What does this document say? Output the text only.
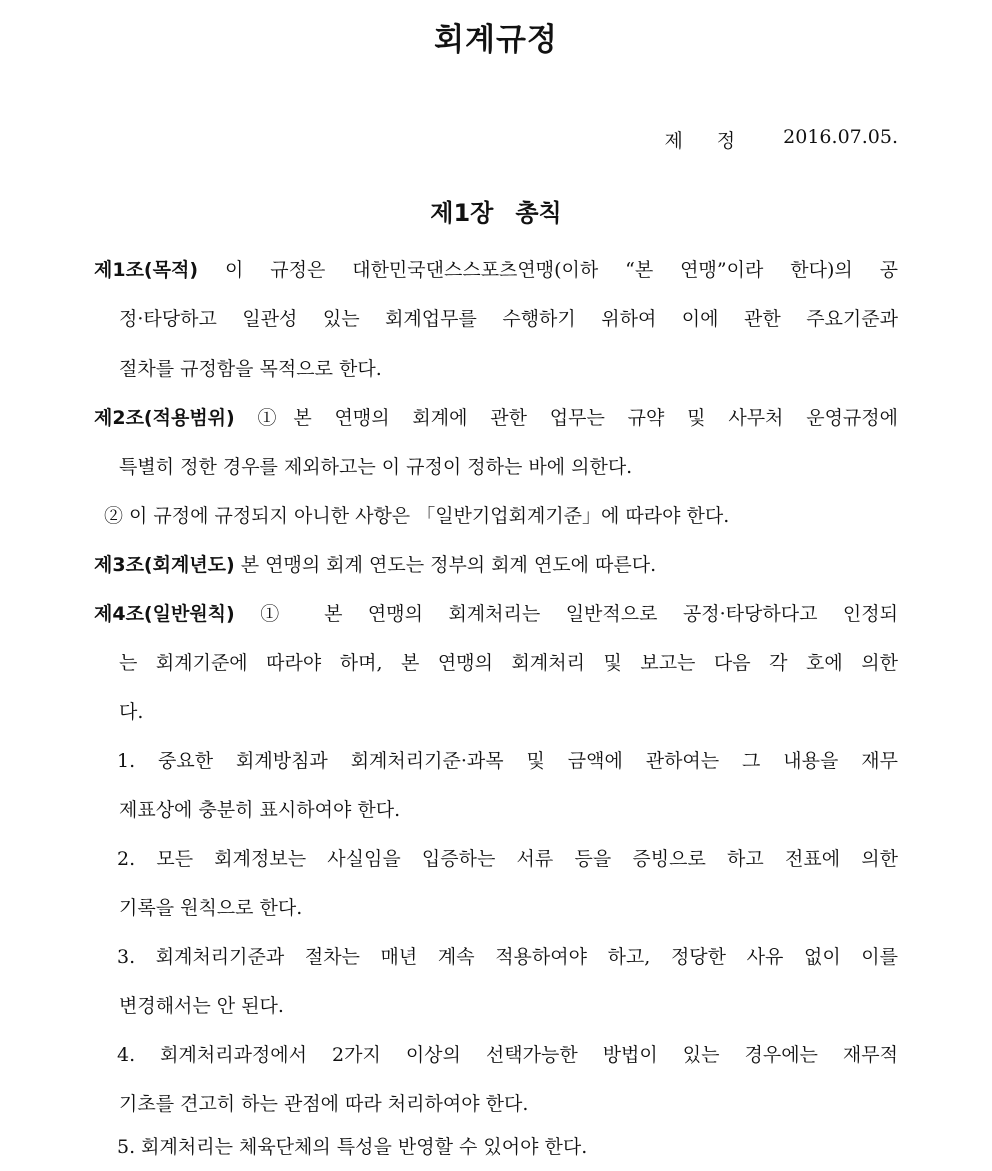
회계규정
제정 2016.07.05.
제1장 총칙
제1조(목적) 이 규정은 대한민국댄스스포츠연맹(이하 “본 연맹”이라 한다)의 공
정·타당하고 일관성 있는 회계업무를 수행하기 위하여 이에 관한 주요기준과
절차를 규정함을 목적으로 한다.
제2조(적용범위) ①본 연맹의 회계에 관한 업무는 규약 및 사무처 운영규정에
특별히 정한 경우를 제외하고는 이 규정이 정하는 바에 의한다.
② 이 규정에 규정되지 아니한 사항은 「일반기업회계기준」에 따라야 한다.
제3조(회계년도) 본 연맹의 회계 연도는 정부의 회계 연도에 따른다.
제4조(일반원칙) ① 본 연맹의 회계처리는 일반적으로 공정·타당하다고 인정되
는 회계기준에 따라야 하며, 본 연맹의 회계처리 및 보고는 다음 각 호에 의한
다.
1. 중요한 회계방침과 회계처리기준·과목 및 금액에 관하여는 그 내용을 재무
제표상에 충분히 표시하여야 한다.
2. 모든 회계정보는 사실임을 입증하는 서류 등을 증빙으로 하고 전표에 의한
기록을 원칙으로 한다.
3. 회계처리기준과 절차는 매년 계속 적용하여야 하고, 정당한 사유 없이 이를
변경해서는 안 된다.
4. 회계처리과정에서 2가지 이상의 선택가능한 방법이 있는 경우에는 재무적
기초를 견고히 하는 관점에 따라 처리하여야 한다.
5. 회계처리는 체육단체의 특성을 반영할 수 있어야 한다.
